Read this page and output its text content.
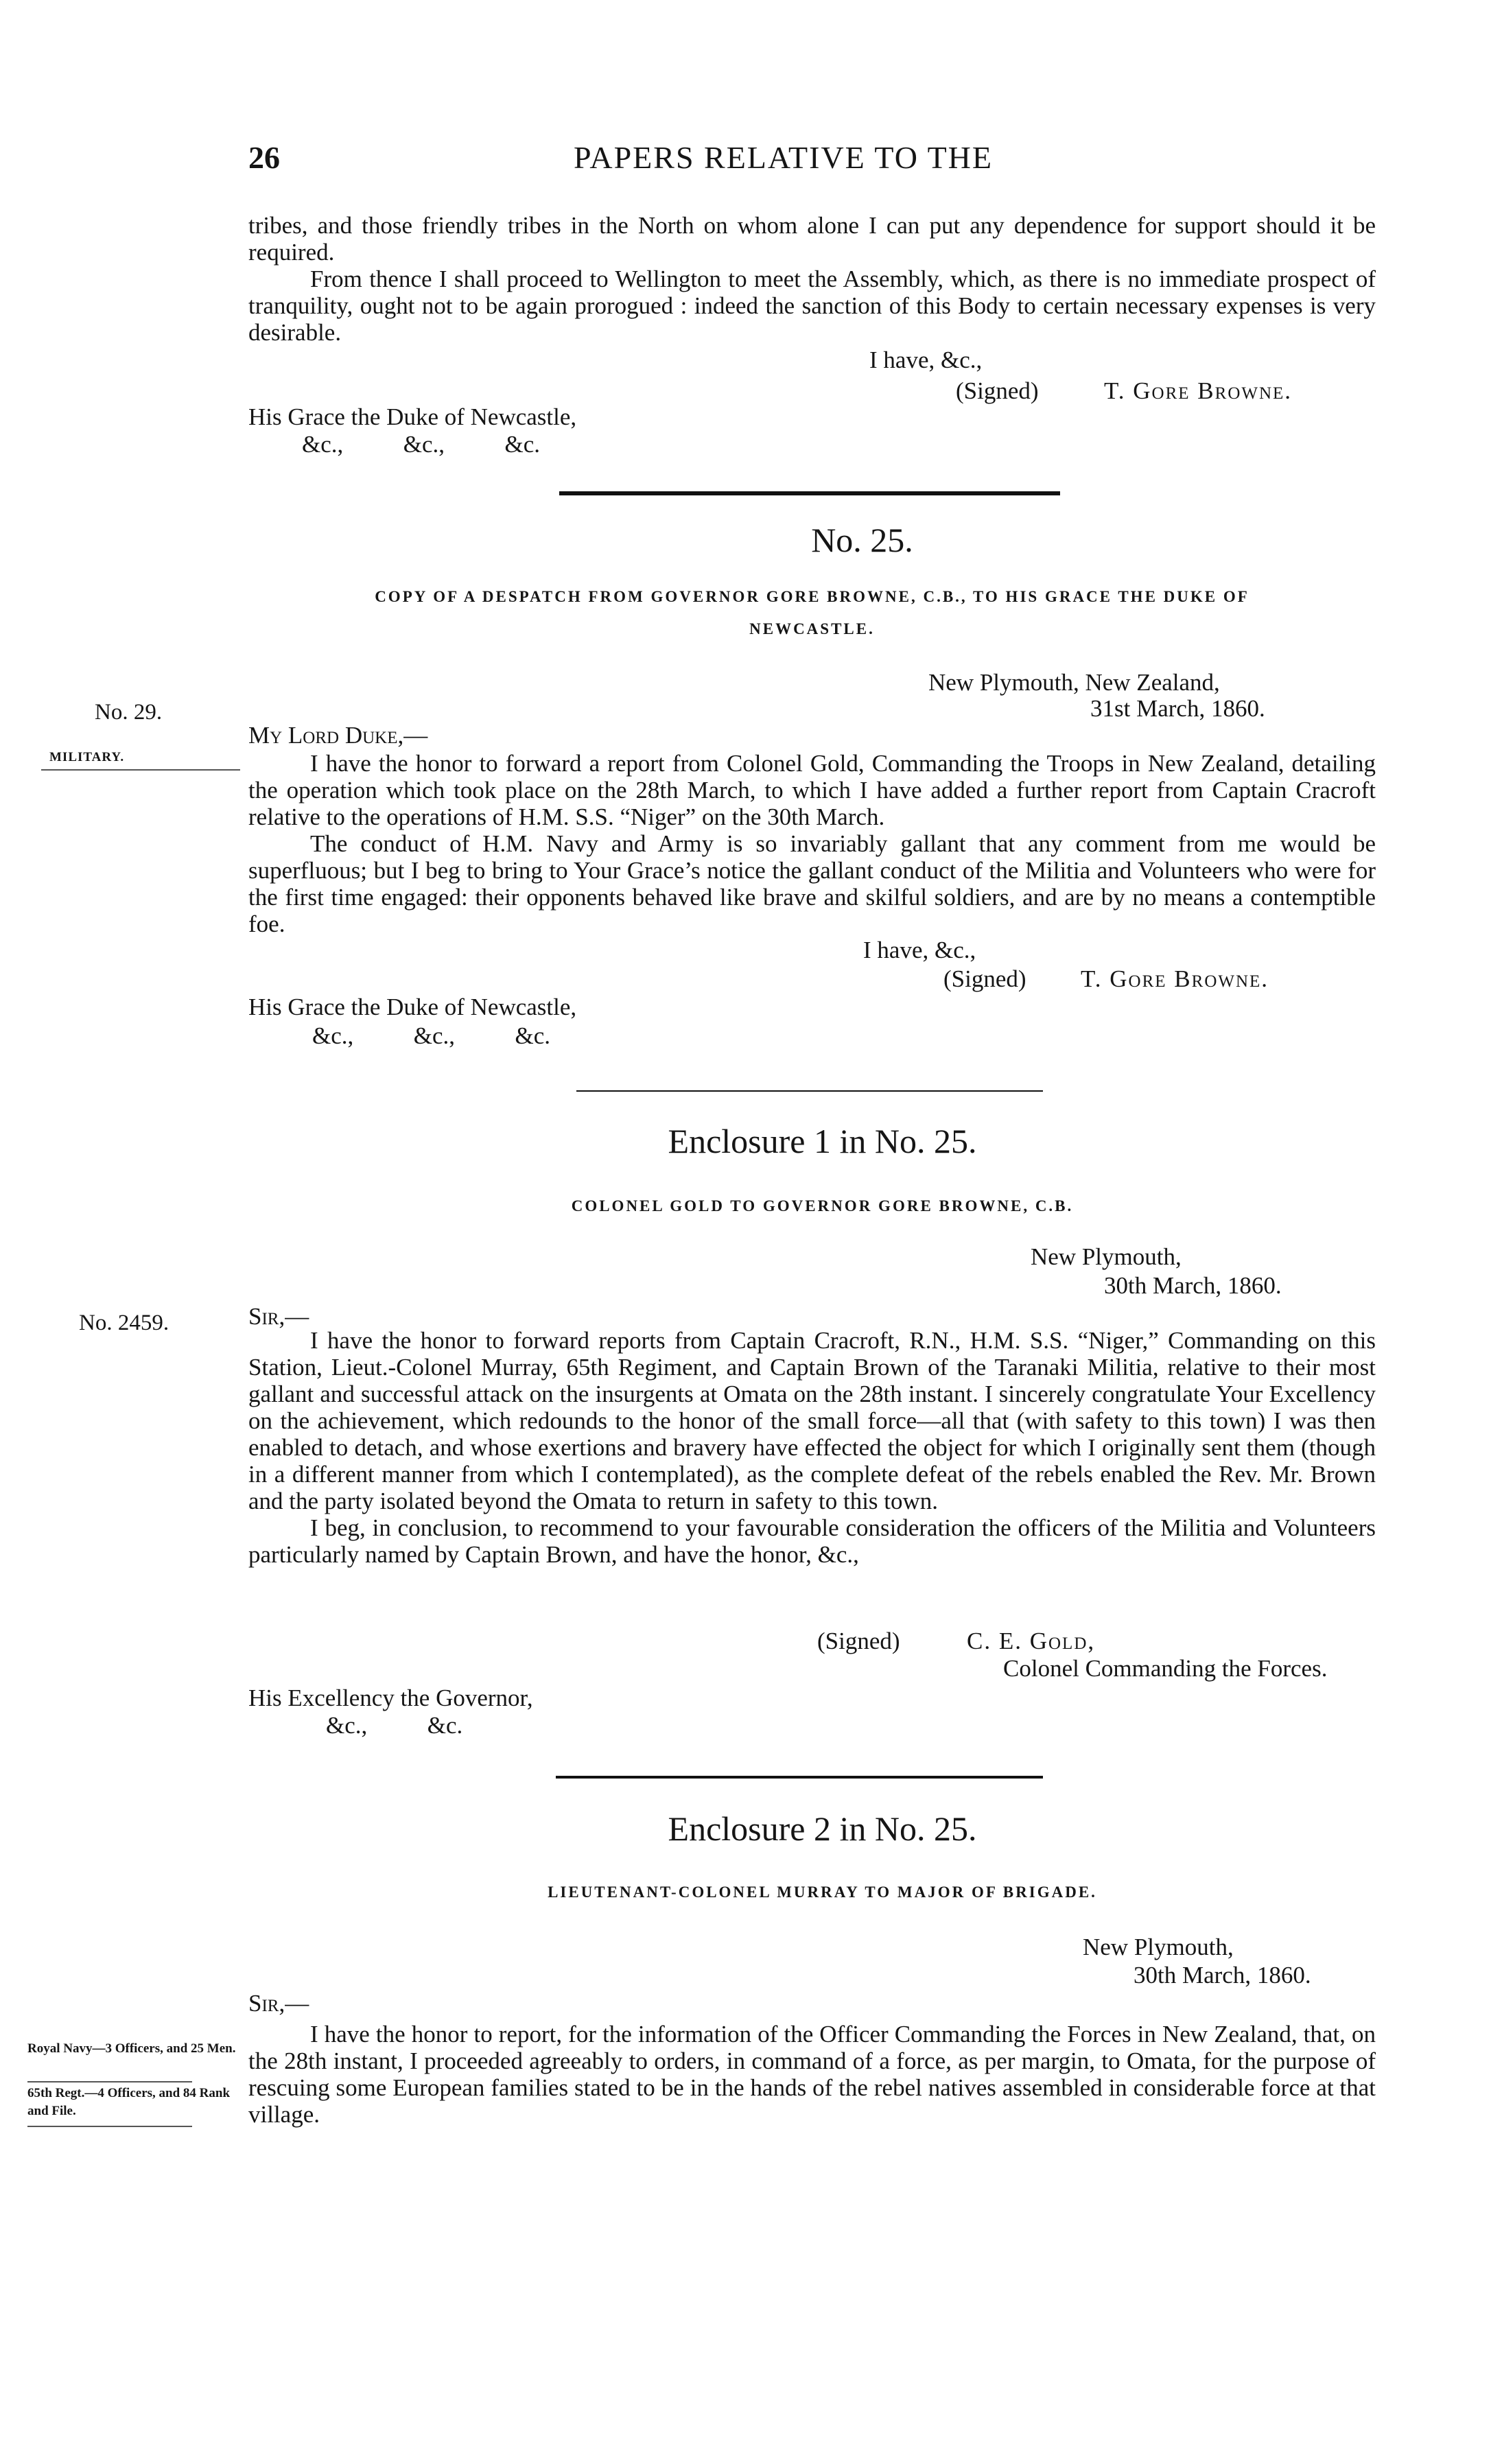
26	PAPERS RELATIVE TO THE

tribes, and those friendly tribes in the North on whom alone I can put any dependence for support should it be required.

From thence I shall proceed to Wellington to meet the Assembly, which, as there is no immediate prospect of tranquility, ought not to be again prorogued : indeed the sanction of this Body to certain necessary expenses is very desirable.

I have, &c.,
(Signed)	T. Gore Browne.
His Grace the Duke of Newcastle,
&c.,          &c.,          &c.
No. 25.
COPY OF A DESPATCH FROM GOVERNOR GORE BROWNE, C.B., TO HIS GRACE THE DUKE OF
NEWCASTLE.
New Plymouth, New Zealand,
No. 29.	31st March, 1860.
My Lord Duke,—
MILITARY.	I have the honor to forward a report from Colonel Gold, Commanding the Troops in New Zealand, detailing the operation which took place on the 28th March, to which I have added a further report from Captain Cracroft relative to the operations of H.M. S.S. “Niger” on the 30th March.

The conduct of H.M. Navy and Army is so invariably gallant that any comment from me would be superfluous; but I beg to bring to Your Grace’s notice the gallant conduct of the Militia and Volunteers who were for the first time engaged: their opponents behaved like brave and skilful soldiers, and are by no means a contemptible foe.

I have, &c.,
(Signed) T. Gore Browne.
His Grace the Duke of Newcastle,
&c.,          &c.,          &c.
Enclosure 1 in No. 25.
COLONEL GOLD TO GOVERNOR GORE BROWNE, C.B.
New Plymouth,
30th March, 1860.
No. 2459.	Sir,—

I have the honor to forward reports from Captain Cracroft, R.N., H.M. S.S. “Niger,” Commanding on this Station, Lieut.-Colonel Murray, 65th Regiment, and Captain Brown of the Taranaki Militia, relative to their most gallant and successful attack on the insurgents at Omata on the 28th instant. I sincerely congratulate Your Excellency on the achievement, which redounds to the honor of the small force—all that (with safety to this town) I was then enabled to detach, and whose exertions and bravery have effected the object for which I originally sent them (though in a different manner from which I contemplated), as the complete defeat of the rebels enabled the Rev. Mr. Brown and the party isolated beyond the Omata to return in safety to this town.

I beg, in conclusion, to recommend to your favourable consideration the officers of the Militia and Volunteers particularly named by Captain Brown, and have the honor, &c.,

(Signed)	C. E. Gold,
Colonel Commanding the Forces.
His Excellency the Governor,
&c.,          &c.
Enclosure 2 in No. 25.
LIEUTENANT-COLONEL MURRAY TO MAJOR OF BRIGADE.
New Plymouth,
30th March, 1860.
Sir,—

I have the honor to report, for the information of the Officer Commanding the Forces in New Zealand, that, on the 28th instant, I proceeded agreeably to orders, in command of a force, as per margin, to Omata, for the purpose of rescuing some European families stated to be in the hands of the rebel natives assembled in considerable force at that village.

Royal Navy—3 Officers, and 25 Men.
65th Regt.—4 Officers, and 84 Rank and File.
